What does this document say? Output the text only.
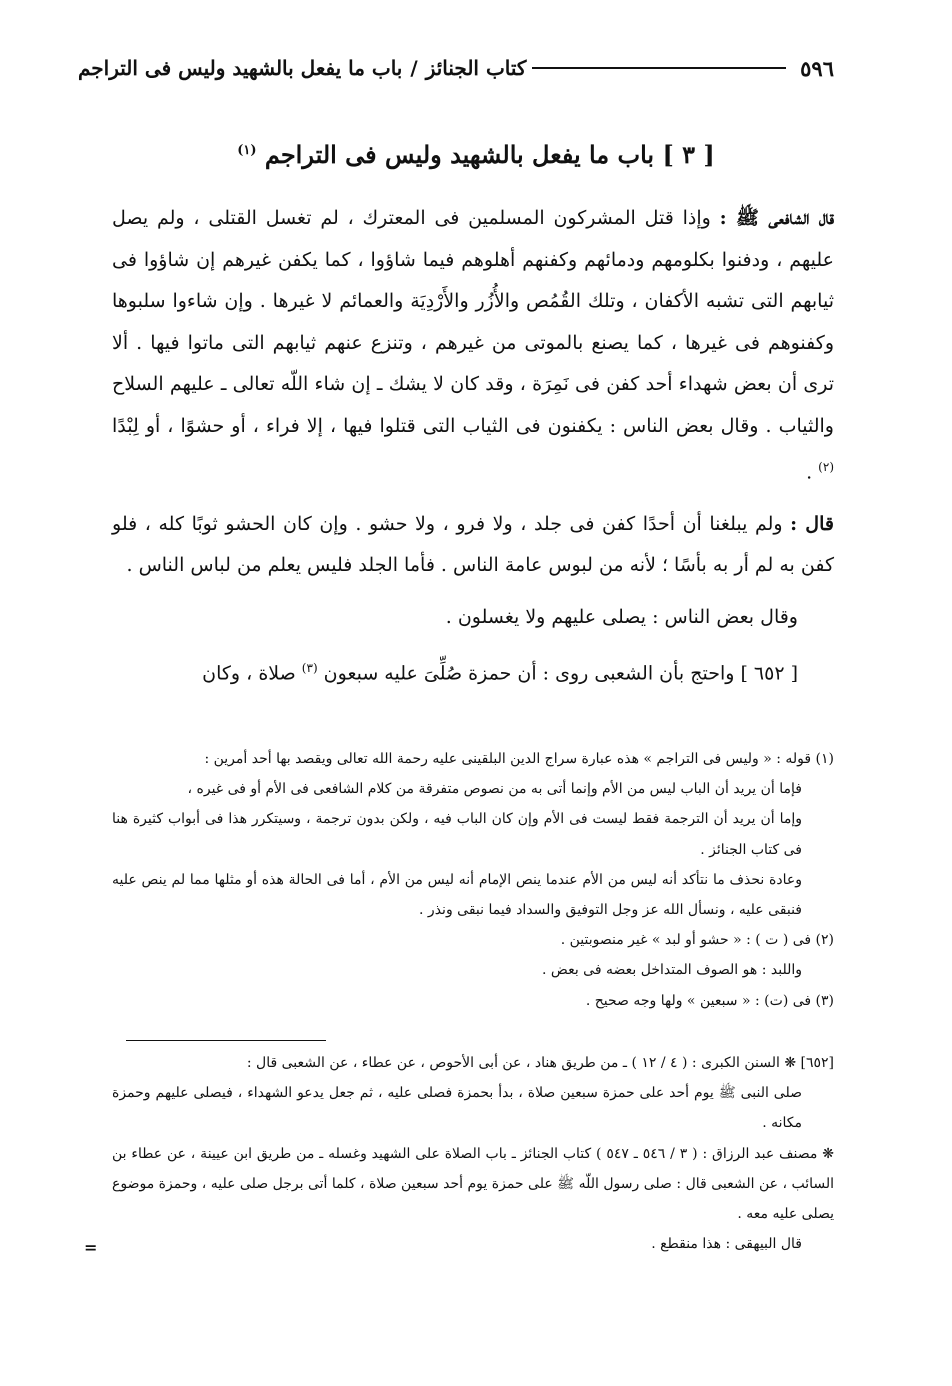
٥٩٦
كتاب الجنائز
/
باب ما يفعل بالشهيد وليس فى التراجم
[ ٣ ] باب ما يفعل بالشهيد وليس فى التراجم $^{(١)}$

قال الشافعى ﷺ : وإذا قتل المشركون المسلمين فى المعترك ، لم تغسل القتلى ، ولم يصل عليهم ، ودفنوا بكلومهم ودمائهم وكفنهم أهلوهم فيما شاؤوا ، كما يكفن غيرهم إن شاؤوا فى ثيابهم التى تشبه الأكفان ، وتلك القُمُص والأُزُر والأَرْدِيَة والعمائم لا غيرها . وإن شاءوا سلبوها وكفنوهم فى غيرها ، كما يصنع بالموتى من غيرهم ، وتنزع عنهم ثيابهم التى ماتوا فيها . ألا ترى أن بعض شهداء أحد كفن فى نَمِرَة ، وقد كان لا يشك ـ إن شاء اللّه تعالى ـ عليهم السلاح والثياب . وقال بعض الناس : يكفنون فى الثياب التى قتلوا فيها ، إلا فراء ، أو حشوًا ، أو لِبْدًا $^{(٢)}$ .

قال : ولم يبلغنا أن أحدًا كفن فى جلد ، ولا فرو ، ولا حشو . وإن كان الحشو ثوبًا كله ، فلو كفن به لم أر به بأسًا ؛ لأنه من لبوس عامة الناس . فأما الجلد فليس يعلم من لباس الناس .

وقال بعض الناس : يصلى عليهم ولا يغسلون .

[ ٦٥٢ ] واحتج بأن الشعبى روى : أن حمزة صُلِّىَ عليه سبعون $^{(٣)}$ صلاة ، وكان

(١) قوله : « وليس فى التراجم » هذه عبارة سراج الدين البلقينى عليه رحمة الله تعالى ويقصد بها أحد أمرين :

فإما أن يريد أن الباب ليس من الأم وإنما أتى به من نصوص متفرقة من كلام الشافعى فى الأم أو فى غيره ،

وإما أن يريد أن الترجمة فقط ليست فى الأم وإن كان الباب فيه ، ولكن بدون ترجمة ، وسيتكرر هذا فى أبواب كثيرة هنا فى كتاب الجنائز .

وعادة نحذف ما نتأكد أنه ليس من الأم عندما ينص الإمام أنه ليس من الأم ، أما فى الحالة هذه أو مثلها مما لم ينص عليه فنبقى عليه ، ونسأل الله عز وجل التوفيق والسداد فيما نبقى ونذر .

(٢) فى ( ت ) : « حشو أو لبد » غير منصوبتين .

واللبد : هو الصوف المتداخل بعضه فى بعض .

(٣) فى (ت) : « سبعين » ولها وجه صحيح .

[٦٥٢] ❋ السنن الكبرى : ( ٤ / ١٢ ) ـ من طريق هناد ، عن أبى الأحوص ، عن عطاء ، عن الشعبى قال :

صلى النبى ﷺ يوم أحد على حمزة سبعين صلاة ، بدأ بحمزة فصلى عليه ، ثم جعل يدعو الشهداء ، فيصلى عليهم وحمزة مكانه .

❋ مصنف عبد الرزاق : ( ٣ / ٥٤٦ ـ ٥٤٧ ) كتاب الجنائز ـ باب الصلاة على الشهيد وغسله ـ من طريق ابن عيينة ، عن عطاء بن السائب ، عن الشعبى قال : صلى رسول اللّه ﷺ على حمزة يوم أحد سبعين صلاة ، كلما أتى برجل صلى عليه ، وحمزة موضوع يصلى عليه معه .

قال البيهقى : هذا منقطع .

=
